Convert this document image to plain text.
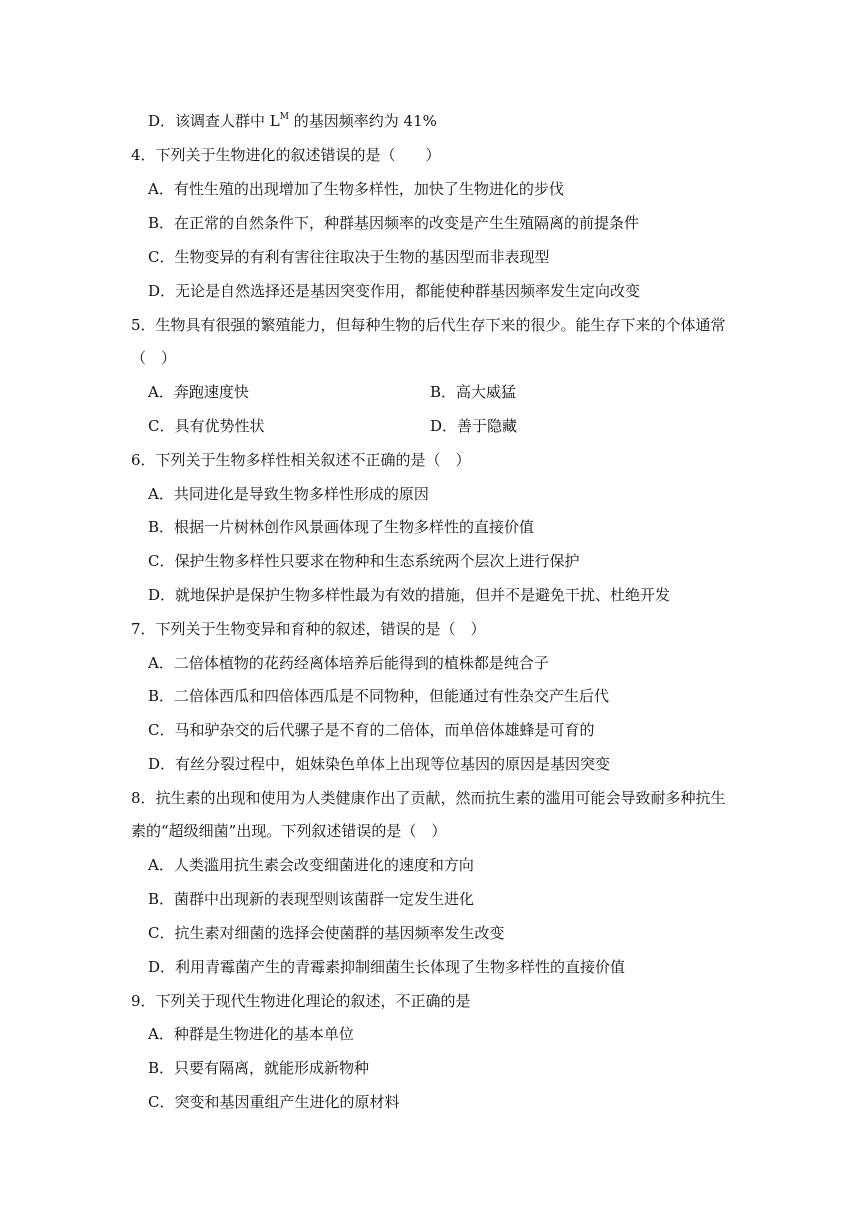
D．该调查人群中 $L^M$ 的基因频率约为 41%
4．下列关于生物进化的叙述错误的是（　　）
A．有性生殖的出现增加了生物多样性，加快了生物进化的步伐
B．在正常的自然条件下，种群基因频率的改变是产生生殖隔离的前提条件
C．生物变异的有利有害往往取决于生物的基因型而非表现型
D．无论是自然选择还是基因突变作用，都能使种群基因频率发生定向改变
5．生物具有很强的繁殖能力，但每种生物的后代生存下来的很少。能生存下来的个体通常
（　）
A．奔跑速度快	B．高大威猛
C．具有优势性状	D．善于隐藏
6．下列关于生物多样性相关叙述不正确的是（　）
A．共同进化是导致生物多样性形成的原因
B．根据一片树林创作风景画体现了生物多样性的直接价值
C．保护生物多样性只要求在物种和生态系统两个层次上进行保护
D．就地保护是保护生物多样性最为有效的措施，但并不是避免干扰、杜绝开发
7．下列关于生物变异和育种的叙述，错误的是（　）
A．二倍体植物的花药经离体培养后能得到的植株都是纯合子
B．二倍体西瓜和四倍体西瓜是不同物种，但能通过有性杂交产生后代
C．马和驴杂交的后代骡子是不育的二倍体，而单倍体雄蜂是可育的
D．有丝分裂过程中，姐妹染色单体上出现等位基因的原因是基因突变
8．抗生素的出现和使用为人类健康作出了贡献，然而抗生素的滥用可能会导致耐多种抗生
素的“超级细菌”出现。下列叙述错误的是（　）
A．人类滥用抗生素会改变细菌进化的速度和方向
B．菌群中出现新的表现型则该菌群一定发生进化
C．抗生素对细菌的选择会使菌群的基因频率发生改变
D．利用青霉菌产生的青霉素抑制细菌生长体现了生物多样性的直接价值
9．下列关于现代生物进化理论的叙述，不正确的是
A．种群是生物进化的基本单位
B．只要有隔离，就能形成新物种
C．突变和基因重组产生进化的原材料
